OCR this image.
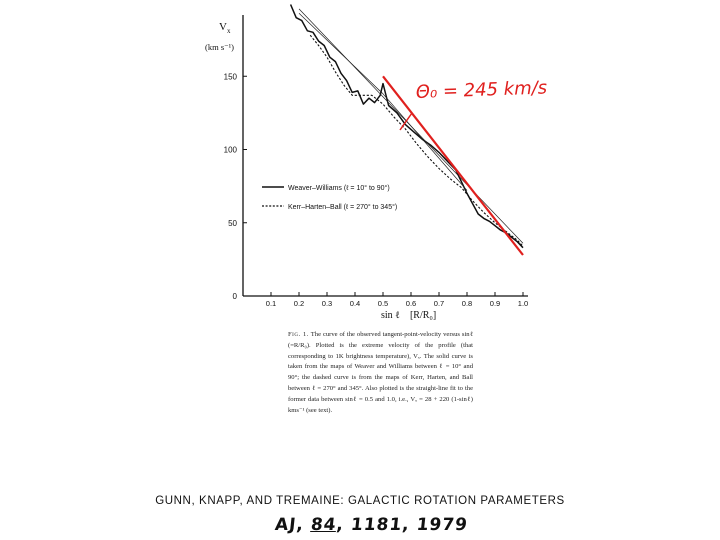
0
50
100
150
0.1 0.2 0.3 0.4 0.5 0.6 0.7 0.8 0.9 1.0
$V_x$
(km s⁻¹)
sin ℓ [R/R₀]
Θ₀ = 245 km/s
Weaver–Williams (ℓ = 10° to 90°)
Kerr–Harten–Ball (ℓ = 270° to 345°)
Fig. 1. The curve of the observed tangent-point-velocity versus sinℓ (=R/R₀). Plotted is the extreme velocity of the profile (that corresponding to 1K brightness temperature), Vₓ. The solid curve is taken from the maps of Weaver and Williams between ℓ = 10° and 90°; the dashed curve is from the maps of Kerr, Harten, and Ball between ℓ = 270° and 345°. Also plotted is the straight-line fit to the former data between sinℓ = 0.5 and 1.0, i.e., Vₓ = 28 + 220 (1-sinℓ) kms⁻¹ (see text).
GUNN, KNAPP, AND TREMAINE: GALACTIC ROTATION PARAMETERS
AJ, 84, 1181, 1979
